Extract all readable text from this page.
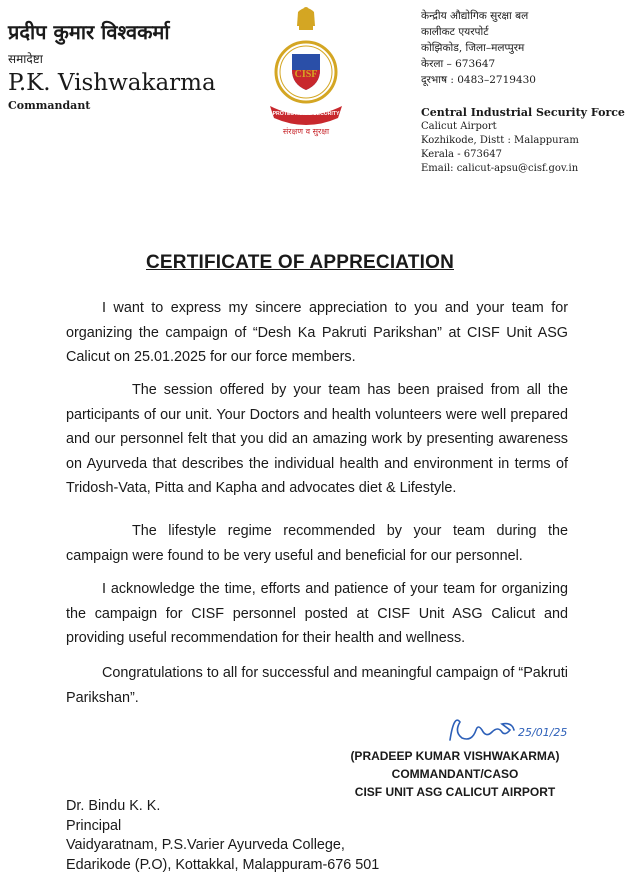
प्रदीप कुमार विश्वकर्मा
समादेष्टा
P.K. Vishwakarma
Commandant
CISF
PROTECTION & SECURITY
संरक्षण व सुरक्षा
केन्द्रीय औद्योगिक सुरक्षा बल
कालीकट एयरपोर्ट
कोझिकोड, जिला–मलप्पुरम
केरला – 673647
दूरभाष : 0483–2719430
Central Industrial Security Force
Calicut Airport
Kozhikode, Distt : Malappuram
Kerala - 673647
Email: calicut-apsu@cisf.gov.in
CERTIFICATE OF APPRECIATION
I want to express my sincere appreciation to you and your team for organizing the campaign of “Desh Ka Pakruti Parikshan” at CISF Unit ASG Calicut on 25.01.2025 for our force members.
The session offered by your team has been praised from all the participants of our unit. Your Doctors and health volunteers were well prepared and our personnel felt that you did an amazing work by presenting awareness on Ayurveda that describes the individual health and environment in terms of Tridosh-Vata, Pitta and Kapha and advocates diet & Lifestyle.
The lifestyle regime recommended by your team during the campaign were found to be very useful and beneficial for our personnel.
I acknowledge the time, efforts and patience of your team for organizing the campaign for CISF personnel posted at CISF Unit ASG Calicut and providing useful recommendation for their health and wellness.
Congratulations to all for successful and meaningful campaign of “Pakruti Parikshan”.
25/01/25
(PRADEEP KUMAR VISHWAKARMA)
COMMANDANT/CASO
CISF UNIT ASG CALICUT AIRPORT
Dr. Bindu K. K.
Principal
Vaidyaratnam, P.S.Varier Ayurveda College,
Edarikode (P.O), Kottakkal, Malappuram-676 501
